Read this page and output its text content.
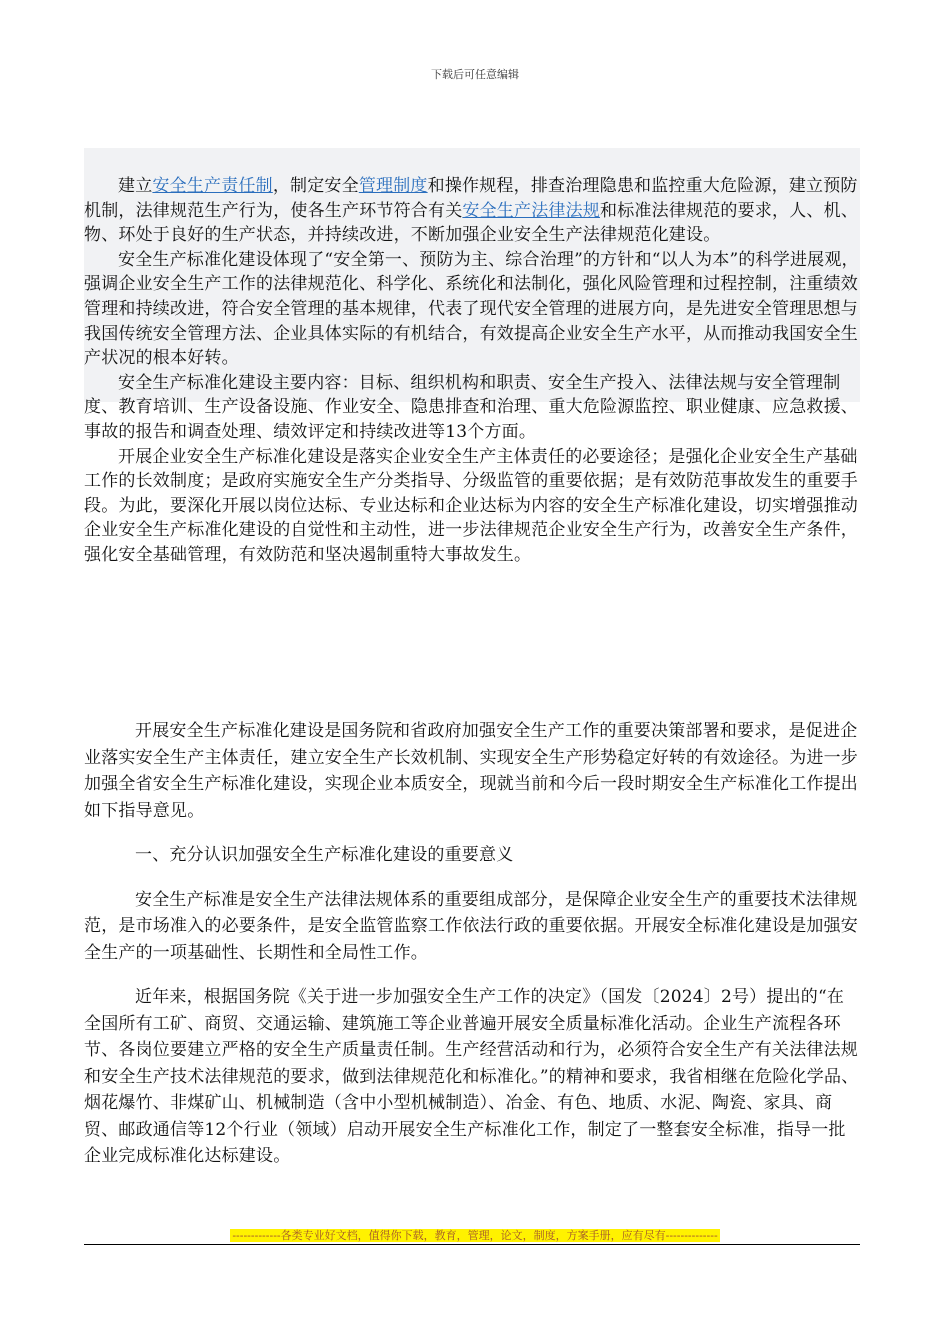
下载后可任意编辑

建立安全生产责任制，制定安全管理制度和操作规程，排查治理隐患和监控重大危险源，建立预防机制，法律规范生产行为，使各生产环节符合有关安全生产法律法规和标准法律规范的要求，人、机、物、环处于良好的生产状态，并持续改进，不断加强企业安全生产法律规范化建设。

安全生产标准化建设体现了“安全第一、预防为主、综合治理”的方针和“以人为本”的科学进展观，强调企业安全生产工作的法律规范化、科学化、系统化和法制化，强化风险管理和过程控制，注重绩效管理和持续改进，符合安全管理的基本规律，代表了现代安全管理的进展方向，是先进安全管理思想与我国传统安全管理方法、企业具体实际的有机结合，有效提高企业安全生产水平，从而推动我国安全生产状况的根本好转。

安全生产标准化建设主要内容：目标、组织机构和职责、安全生产投入、法律法规与安全管理制度、教育培训、生产设备设施、作业安全、隐患排查和治理、重大危险源监控、职业健康、应急救援、事故的报告和调查处理、绩效评定和持续改进等13个方面。

开展企业安全生产标准化建设是落实企业安全生产主体责任的必要途径；是强化企业安全生产基础工作的长效制度；是政府实施安全生产分类指导、分级监管的重要依据；是有效防范事故发生的重要手段。为此，要深化开展以岗位达标、专业达标和企业达标为内容的安全生产标准化建设，切实增强推动企业安全生产标准化建设的自觉性和主动性，进一步法律规范企业安全生产行为，改善安全生产条件，强化安全基础管理，有效防范和坚决遏制重特大事故发生。

开展安全生产标准化建设是国务院和省政府加强安全生产工作的重要决策部署和要求，是促进企业落实安全生产主体责任，建立安全生产长效机制、实现安全生产形势稳定好转的有效途径。为进一步加强全省安全生产标准化建设，实现企业本质安全，现就当前和今后一段时期安全生产标准化工作提出如下指导意见。

一、充分认识加强安全生产标准化建设的重要意义

安全生产标准是安全生产法律法规体系的重要组成部分，是保障企业安全生产的重要技术法律规范，是市场准入的必要条件，是安全监管监察工作依法行政的重要依据。开展安全标准化建设是加强安全生产的一项基础性、长期性和全局性工作。

近年来，根据国务院《关于进一步加强安全生产工作的决定》（国发〔2024〕2号）提出的“在全国所有工矿、商贸、交通运输、建筑施工等企业普遍开展安全质量标准化活动。企业生产流程各环节、各岗位要建立严格的安全生产质量责任制。生产经营活动和行为，必须符合安全生产有关法律法规和安全生产技术法律规范的要求，做到法律规范化和标准化。”的精神和要求，我省相继在危险化学品、烟花爆竹、非煤矿山、机械制造（含中小型机械制造）、冶金、有色、地质、水泥、陶瓷、家具、商贸、邮政通信等12个行业（领域）启动开展安全生产标准化工作，制定了一整套安全标准，指导一批企业完成标准化达标建设。

-------------各类专业好文档，值得你下载，教育，管理，论文，制度，方案手册，应有尽有--------------
